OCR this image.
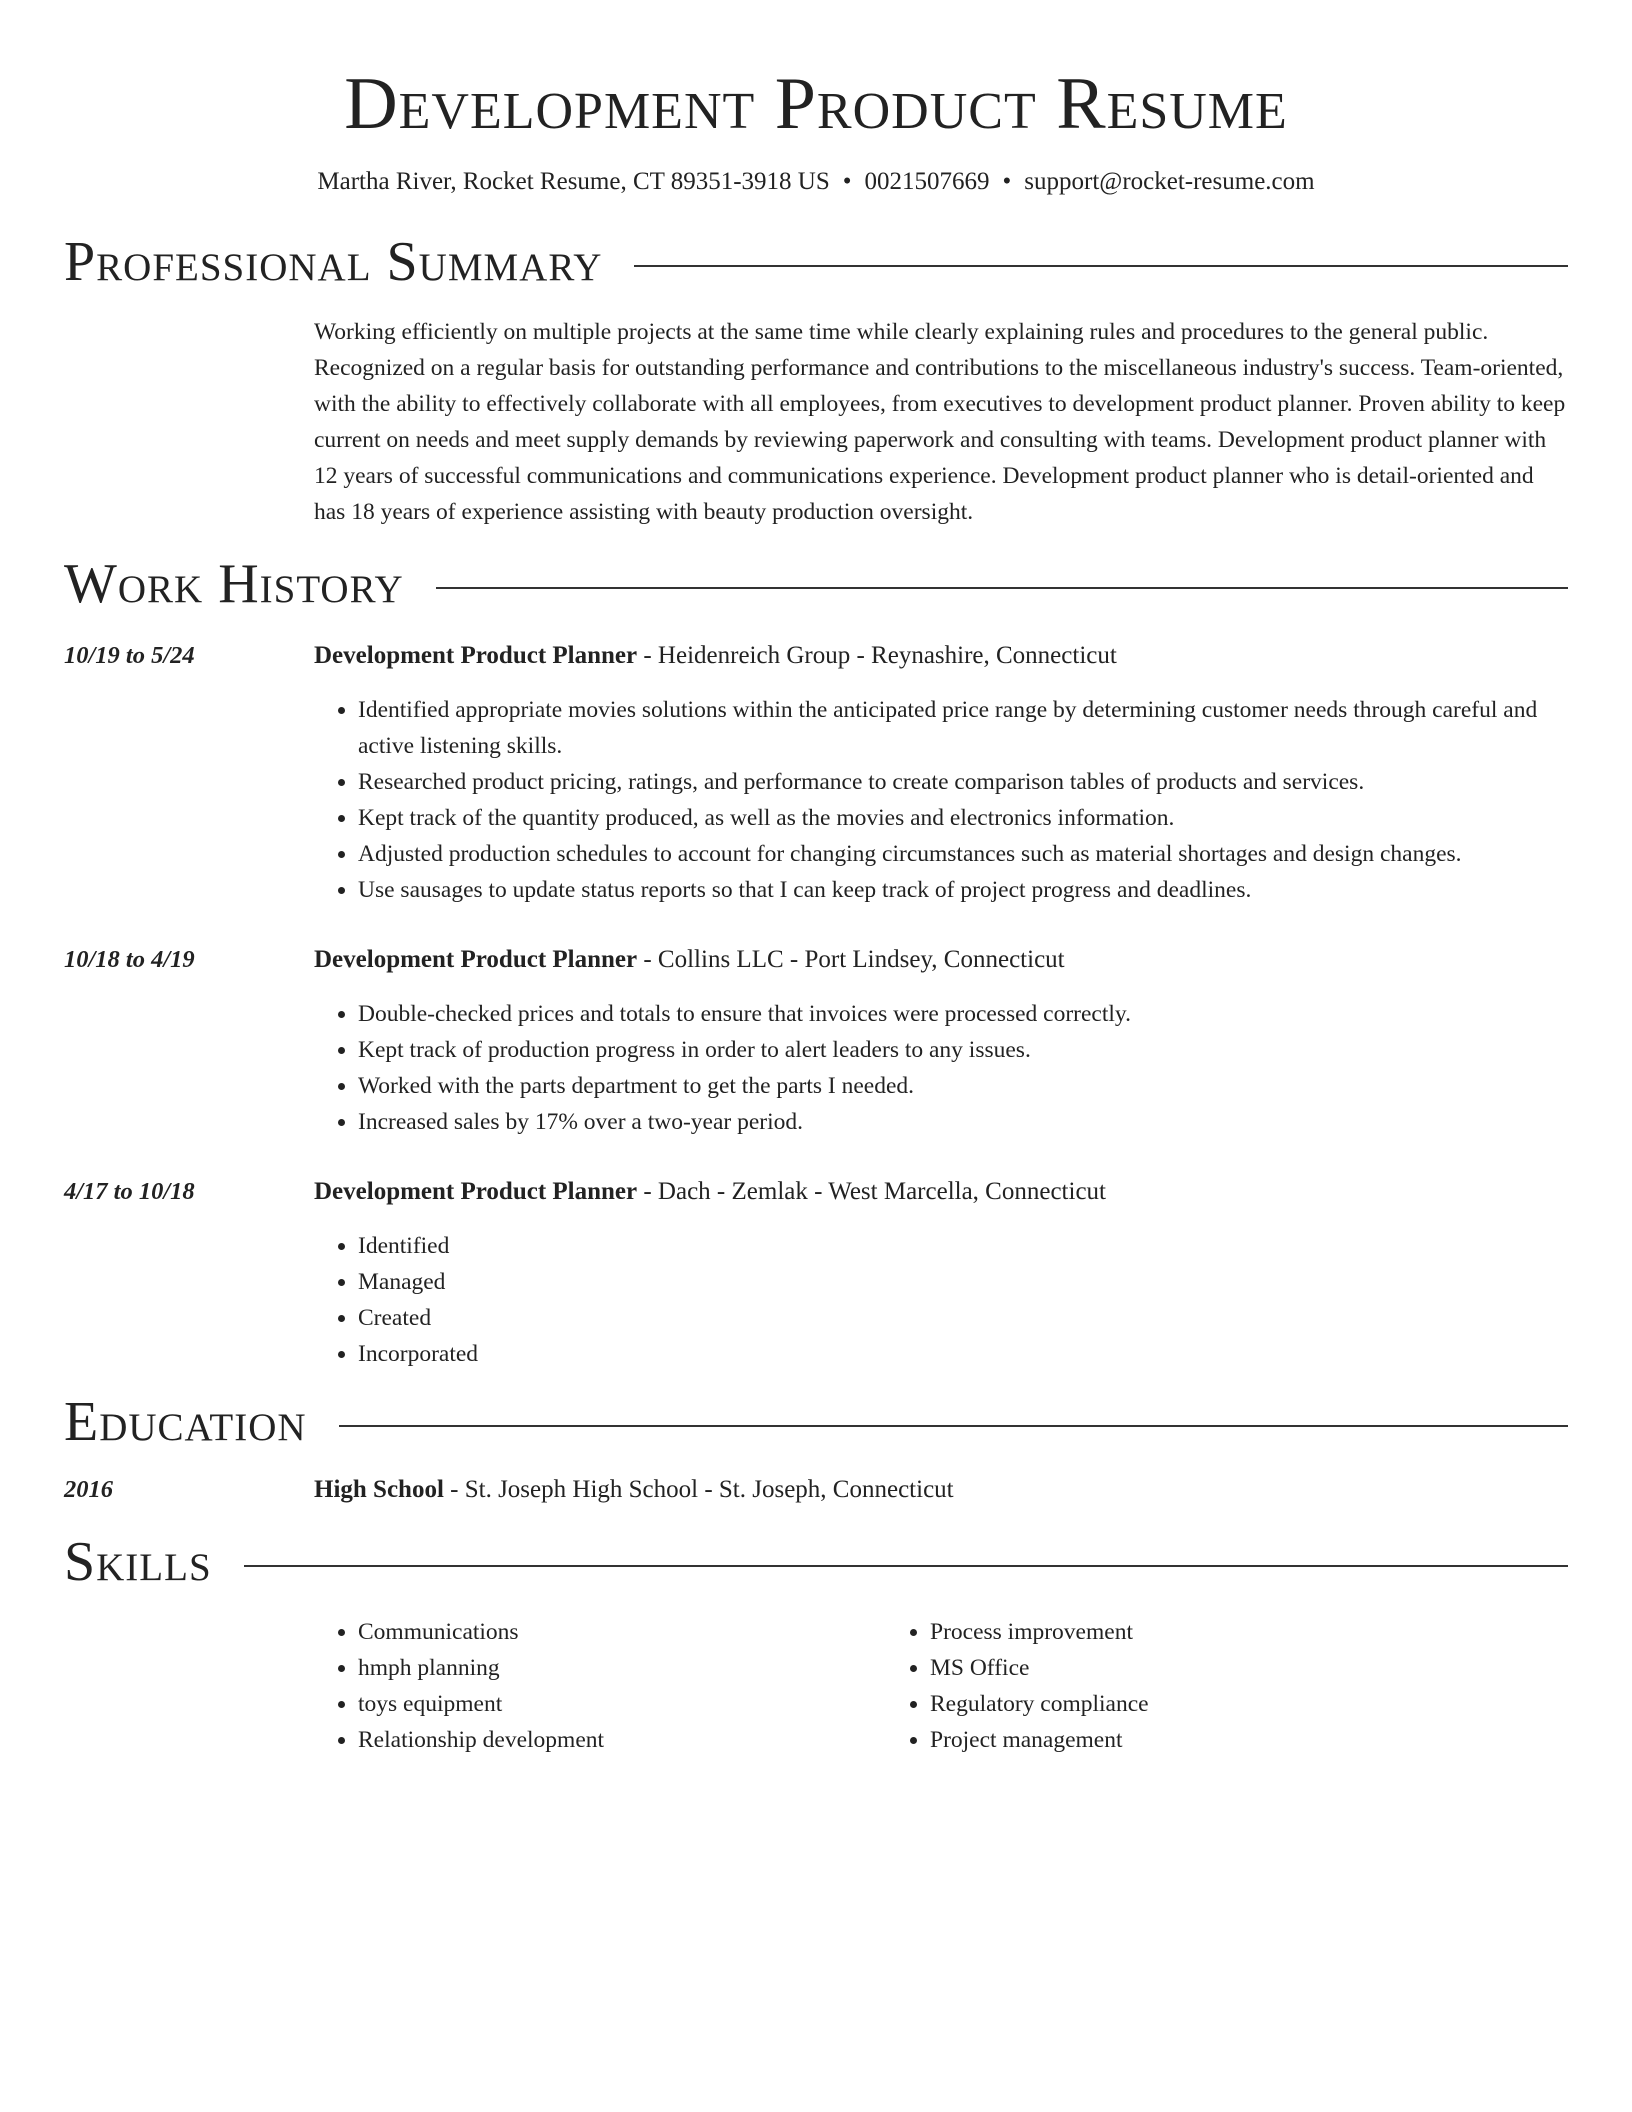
Development Product Resume
Martha River, Rocket Resume, CT 89351-3918 US • 0021507669 • support@rocket-resume.com
Professional Summary
Working efficiently on multiple projects at the same time while clearly explaining rules and procedures to the general public. Recognized on a regular basis for outstanding performance and contributions to the miscellaneous industry's success. Team-oriented, with the ability to effectively collaborate with all employees, from executives to development product planner. Proven ability to keep current on needs and meet supply demands by reviewing paperwork and consulting with teams. Development product planner with 12 years of successful communications and communications experience. Development product planner who is detail-oriented and has 18 years of experience assisting with beauty production oversight.
Work History
10/19 to 5/24	Development Product Planner - Heidenreich Group - Reynashire, Connecticut
• Identified appropriate movies solutions within the anticipated price range by determining customer needs through careful and active listening skills.
• Researched product pricing, ratings, and performance to create comparison tables of products and services.
• Kept track of the quantity produced, as well as the movies and electronics information.
• Adjusted production schedules to account for changing circumstances such as material shortages and design changes.
• Use sausages to update status reports so that I can keep track of project progress and deadlines.
10/18 to 4/19	Development Product Planner - Collins LLC - Port Lindsey, Connecticut
• Double-checked prices and totals to ensure that invoices were processed correctly.
• Kept track of production progress in order to alert leaders to any issues.
• Worked with the parts department to get the parts I needed.
• Increased sales by 17% over a two-year period.
4/17 to 10/18	Development Product Planner - Dach - Zemlak - West Marcella, Connecticut
• Identified
• Managed
• Created
• Incorporated
Education
2016	High School - St. Joseph High School - St. Joseph, Connecticut
Skills
• Communications
• hmph planning
• toys equipment
• Relationship development
• Process improvement
• MS Office
• Regulatory compliance
• Project management
